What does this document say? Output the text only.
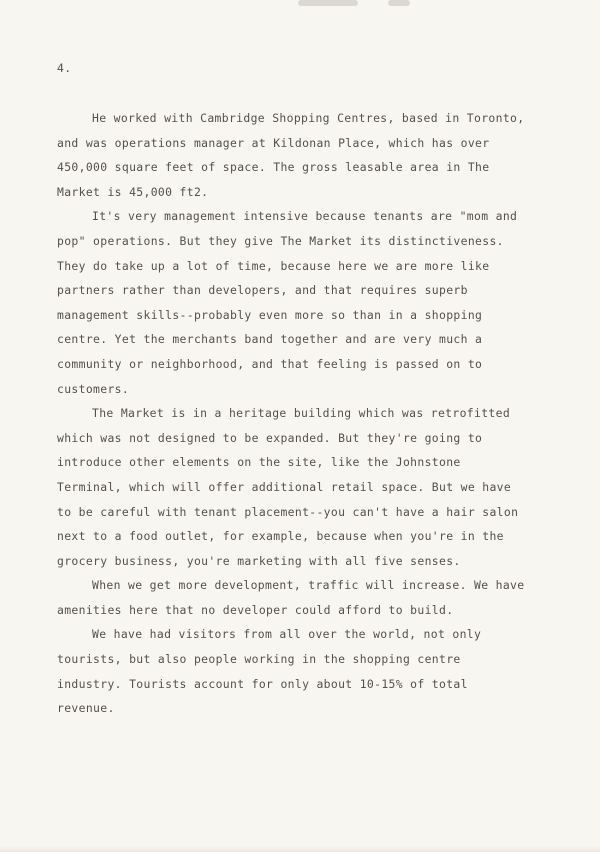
4.

He worked with Cambridge Shopping Centres, based in Toronto,
and was operations manager at Kildonan Place, which has over
450,000 square feet of space. The gross leasable area in The
Market is 45,000 ft2.
It's very management intensive because tenants are "mom and
pop" operations. But they give The Market its distinctiveness.
They do take up a lot of time, because here we are more like
partners rather than developers, and that requires superb
management skills--probably even more so than in a shopping
centre. Yet the merchants band together and are very much a
community or neighborhood, and that feeling is passed on to
customers.
The Market is in a heritage building which was retrofitted
which was not designed to be expanded. But they're going to
introduce other elements on the site, like the Johnstone
Terminal, which will offer additional retail space. But we have
to be careful with tenant placement--you can't have a hair salon
next to a food outlet, for example, because when you're in the
grocery business, you're marketing with all five senses.
When we get more development, traffic will increase. We have
amenities here that no developer could afford to build.
We have had visitors from all over the world, not only
tourists, but also people working in the shopping centre
industry. Tourists account for only about 10-15% of total
revenue.
